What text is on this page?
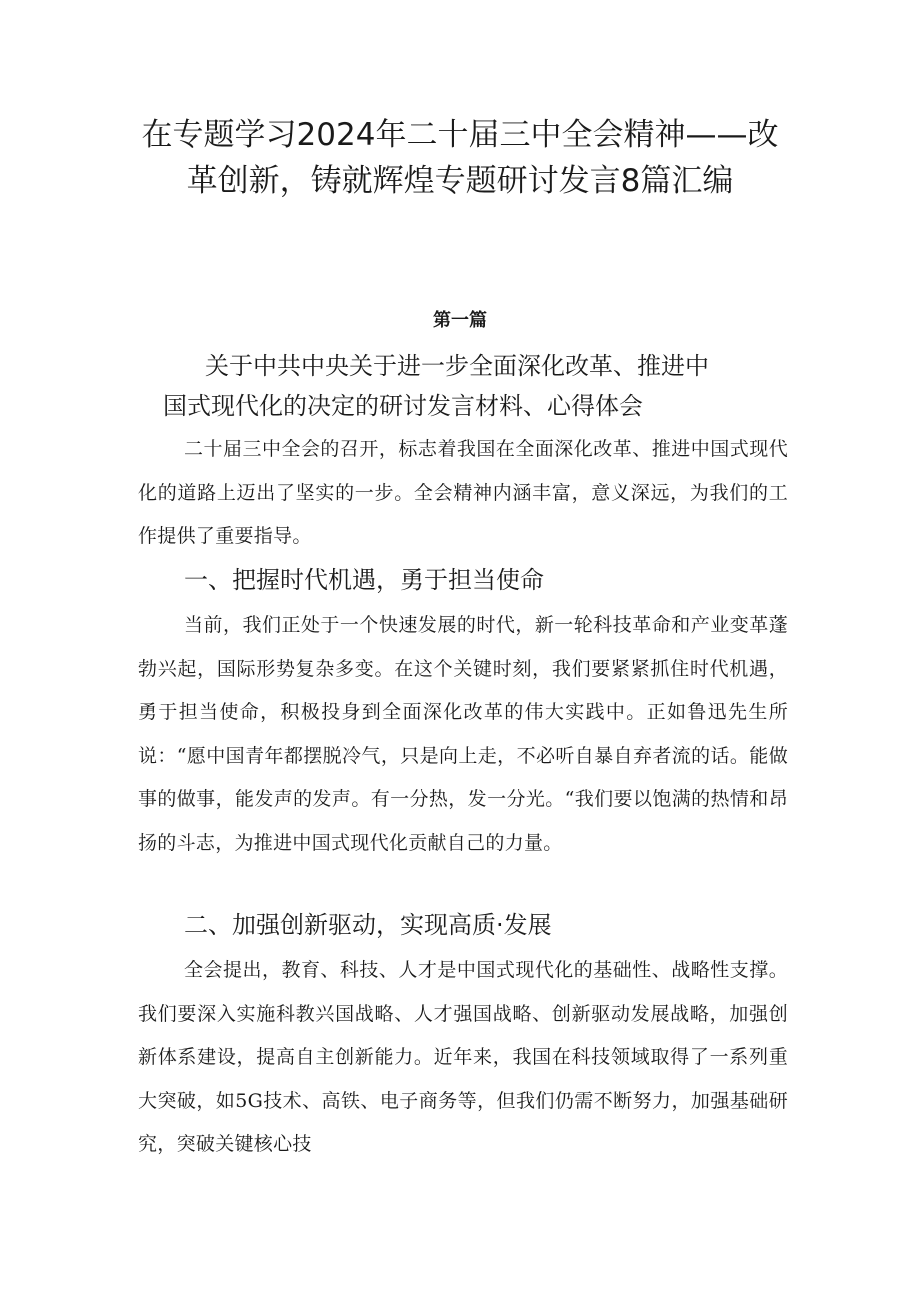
在专题学习2024年二十届三中全会精神——改革创新，铸就辉煌专题研讨发言8篇汇编
第一篇
关于中共中央关于进一步全面深化改革、推进中
国式现代化的决定的研讨发言材料、心得体会

二十届三中全会的召开，标志着我国在全面深化改革、推进中国式现代化的道路上迈出了坚实的一步。全会精神内涵丰富，意义深远，为我们的工作提供了重要指导。

一、把握时代机遇，勇于担当使命

当前，我们正处于一个快速发展的时代，新一轮科技革命和产业变革蓬勃兴起，国际形势复杂多变。在这个关键时刻，我们要紧紧抓住时代机遇，勇于担当使命，积极投身到全面深化改革的伟大实践中。正如鲁迅先生所说：“愿中国青年都摆脱冷气，只是向上走，不必听自暴自弃者流的话。能做事的做事，能发声的发声。有一分热，发一分光。“我们要以饱满的热情和昂扬的斗志，为推进中国式现代化贡献自己的力量。

二、加强创新驱动，实现高质·发展

全会提出，教育、科技、人才是中国式现代化的基础性、战略性支撑。我们要深入实施科教兴国战略、人才强国战略、创新驱动发展战略，加强创新体系建设，提高自主创新能力。近年来，我国在科技领域取得了一系列重大突破，如5G技术、高铁、电子商务等，但我们仍需不断努力，加强基础研究，突破关键核心技
